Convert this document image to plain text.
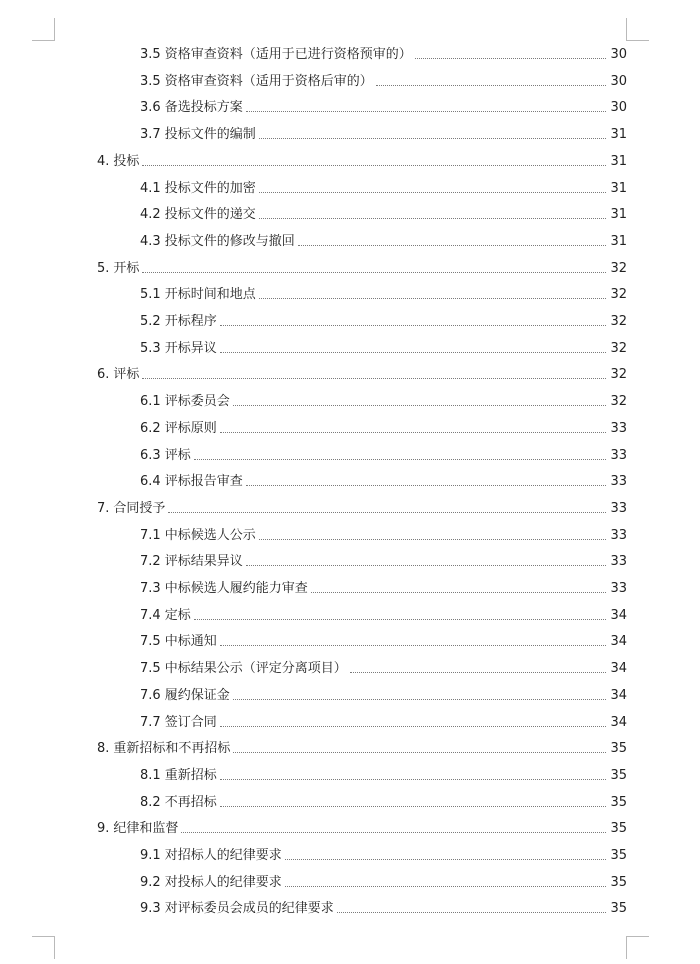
3.5 资格审查资料（适用于已进行资格预审的）	30
3.5 资格审查资料（适用于资格后审的）	30
3.6 备选投标方案	30
3.7 投标文件的编制	31
4. 投标	31
4.1 投标文件的加密	31
4.2 投标文件的递交	31
4.3 投标文件的修改与撤回	31
5. 开标	32
5.1 开标时间和地点	32
5.2 开标程序	32
5.3 开标异议	32
6. 评标	32
6.1 评标委员会	32
6.2 评标原则	33
6.3 评标	33
6.4 评标报告审查	33
7. 合同授予	33
7.1 中标候选人公示	33
7.2 评标结果异议	33
7.3 中标候选人履约能力审查	33
7.4 定标	34
7.5 中标通知	34
7.5 中标结果公示（评定分离项目）	34
7.6 履约保证金	34
7.7 签订合同	34
8. 重新招标和不再招标	35
8.1 重新招标	35
8.2 不再招标	35
9. 纪律和监督	35
9.1 对招标人的纪律要求	35
9.2 对投标人的纪律要求	35
9.3 对评标委员会成员的纪律要求	35
